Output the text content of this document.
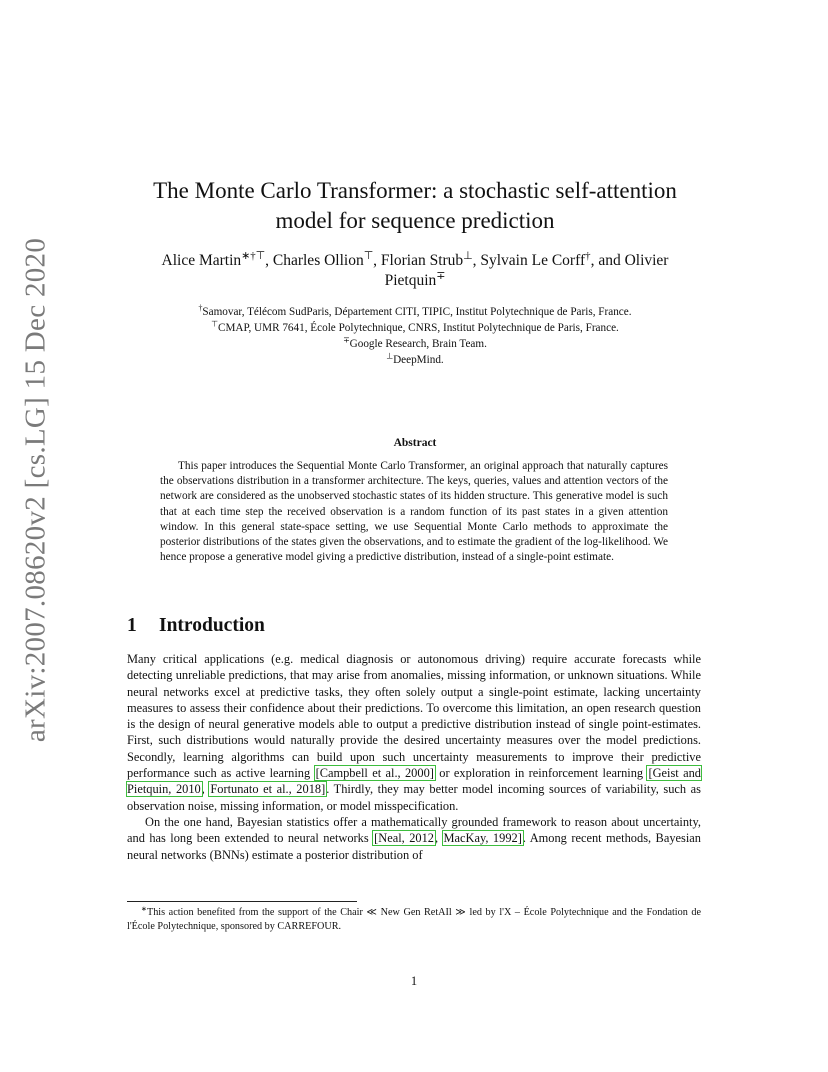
arXiv:2007.08620v2 [cs.LG] 15 Dec 2020
The Monte Carlo Transformer: a stochastic self-attention
model for sequence prediction
Alice Martin∗†⊤, Charles Ollion⊤, Florian Strub⊥, Sylvain Le Corff†, and Olivier
Pietquin∓
†Samovar, Télécom SudParis, Département CITI, TIPIC, Institut Polytechnique de Paris, France.
⊤CMAP, UMR 7641, École Polytechnique, CNRS, Institut Polytechnique de Paris, France.
∓Google Research, Brain Team.
⊥DeepMind.
Abstract
This paper introduces the Sequential Monte Carlo Transformer, an original approach that naturally captures the observations distribution in a transformer architecture. The keys, queries, values and attention vectors of the network are considered as the unobserved stochastic states of its hidden structure. This generative model is such that at each time step the received observation is a random function of its past states in a given attention window. In this general state-space setting, we use Sequential Monte Carlo methods to approximate the posterior distributions of the states given the observations, and to estimate the gradient of the log-likelihood. We hence propose a generative model giving a predictive distribution, instead of a single-point estimate.
1 Introduction

Many critical applications (e.g. medical diagnosis or autonomous driving) require accurate forecasts while detecting unreliable predictions, that may arise from anomalies, missing information, or unknown situations. While neural networks excel at predictive tasks, they often solely output a single-point estimate, lacking uncertainty measures to assess their confidence about their predictions. To overcome this limitation, an open research question is the design of neural generative models able to output a predictive distribution instead of single point-estimates. First, such distributions would naturally provide the desired uncertainty measures over the model predictions. Secondly, learning algorithms can build upon such uncertainty measurements to improve their predictive performance such as active learning [Campbell et al., 2000] or exploration in reinforcement learning [Geist and Pietquin, 2010, Fortunato et al., 2018]. Thirdly, they may better model incoming sources of variability, such as observation noise, missing information, or model misspecification.

On the one hand, Bayesian statistics offer a mathematically grounded framework to reason about uncertainty, and has long been extended to neural networks [Neal, 2012, MacKay, 1992]. Among recent methods, Bayesian neural networks (BNNs) estimate a posterior distribution of

∗This action benefited from the support of the Chair ≪ New Gen RetAIl ≫ led by l'X – École Polytechnique and the Fondation de l'École Polytechnique, sponsored by CARREFOUR.
1
